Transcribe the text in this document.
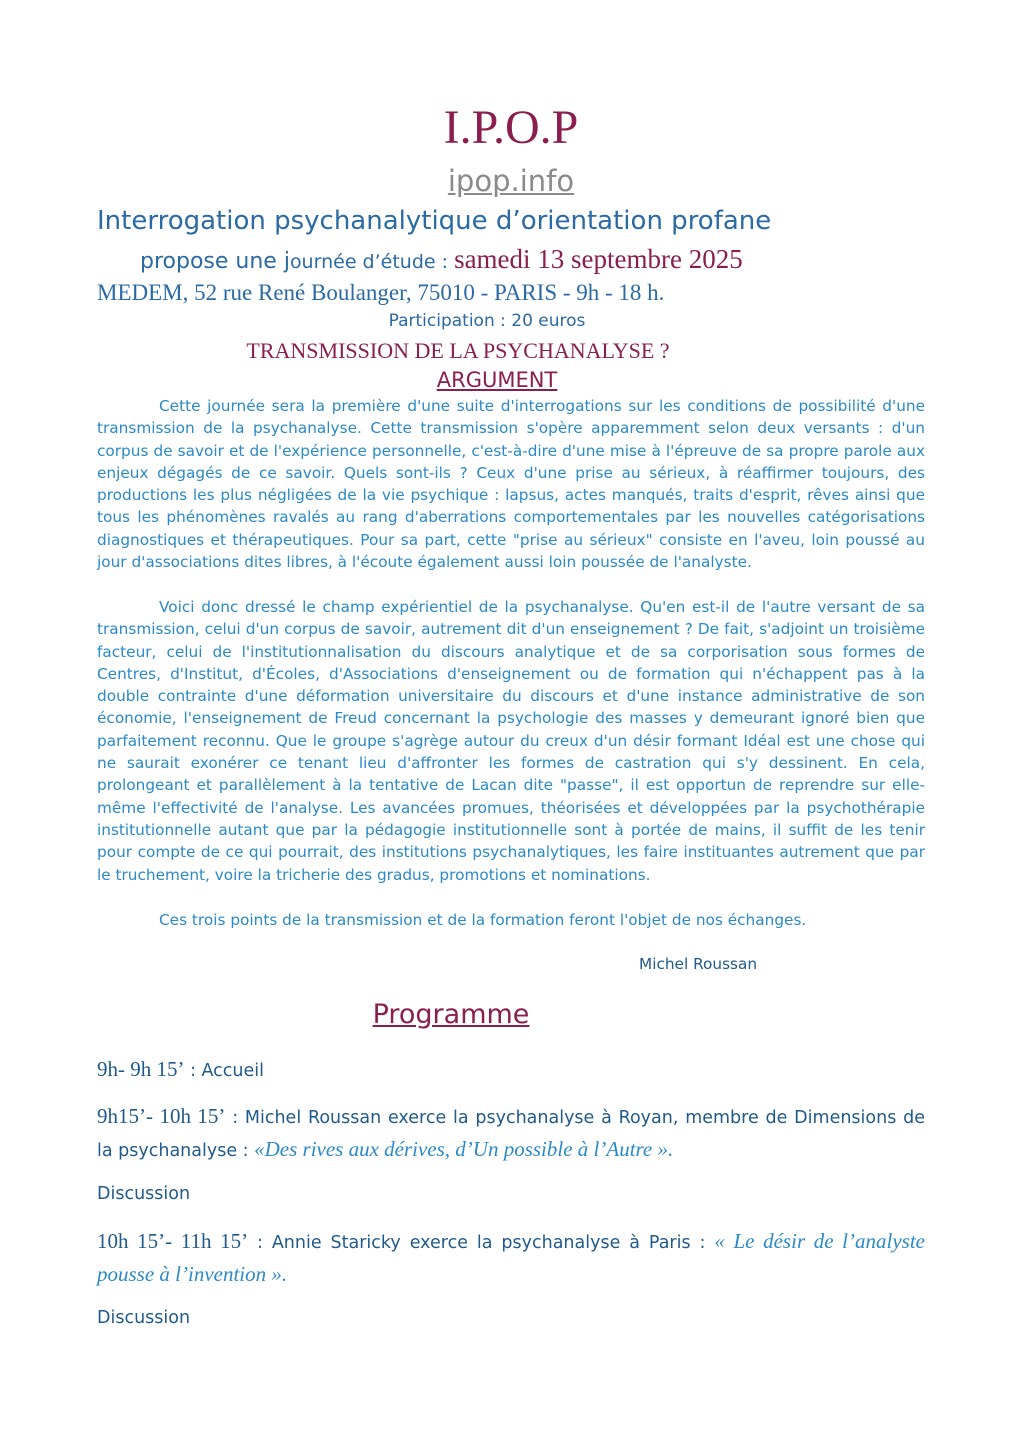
I.P.O.P
ipop.info
Interrogation psychanalytique d’orientation profane
propose une journée d’étude : samedi 13 septembre 2025
MEDEM, 52 rue René Boulanger, 75010 - PARIS - 9h - 18 h.
Participation : 20 euros
TRANSMISSION DE LA PSYCHANALYSE ?
ARGUMENT

Cette journée sera la première d'une suite d'interrogations sur les conditions de possibilité d'une transmission de la psychanalyse. Cette transmission s'opère apparemment selon deux versants : d'un corpus de savoir et de l'expérience personnelle, c'est-à-dire d'une mise à l'épreuve de sa propre parole aux enjeux dégagés de ce savoir. Quels sont-ils ? Ceux d'une prise au sérieux, à réaffirmer toujours, des productions les plus négligées de la vie psychique : lapsus, actes manqués, traits d'esprit, rêves ainsi que tous les phénomènes ravalés au rang d'aberrations comportementales par les nouvelles catégorisations diagnostiques et thérapeutiques. Pour sa part, cette "prise au sérieux" consiste en l'aveu, loin poussé au jour d'associations dites libres, à l'écoute également aussi loin poussée de l'analyste.

Voici donc dressé le champ expérientiel de la psychanalyse. Qu'en est-il de l'autre versant de sa transmission, celui d'un corpus de savoir, autrement dit d'un enseignement ? De fait, s'adjoint un troisième facteur, celui de l'institutionnalisation du discours analytique et de sa corporisation sous formes de Centres, d'Institut, d'Écoles, d'Associations d'enseignement ou de formation qui n'échappent pas à la double contrainte d'une déformation universitaire du discours et d'une instance administrative de son économie, l'enseignement de Freud concernant la psychologie des masses y demeurant ignoré bien que parfaitement reconnu. Que le groupe s'agrège autour du creux d'un désir formant Idéal est une chose qui ne saurait exonérer ce tenant lieu d'affronter les formes de castration qui s'y dessinent. En cela, prolongeant et parallèlement à la tentative de Lacan dite "passe", il est opportun de reprendre sur elle-même l'effectivité de l'analyse. Les avancées promues, théorisées et développées par la psychothérapie institutionnelle autant que par la pédagogie institutionnelle sont à portée de mains, il suffit de les tenir pour compte de ce qui pourrait, des institutions psychanalytiques, les faire instituantes autrement que par le truchement, voire la tricherie des gradus, promotions et nominations.

Ces trois points de la transmission et de la formation feront l'objet de nos échanges.

Michel Roussan
Programme

9h- 9h 15’ : Accueil

9h15’- 10h 15’ : Michel Roussan exerce la psychanalyse à Royan, membre de Dimensions de la psychanalyse : «Des rives aux dérives, d’Un possible à l’Autre ».

Discussion

10h 15’- 11h 15’ : Annie Staricky exerce la psychanalyse à Paris : « Le désir de l’analyste pousse à l’invention ».

Discussion
